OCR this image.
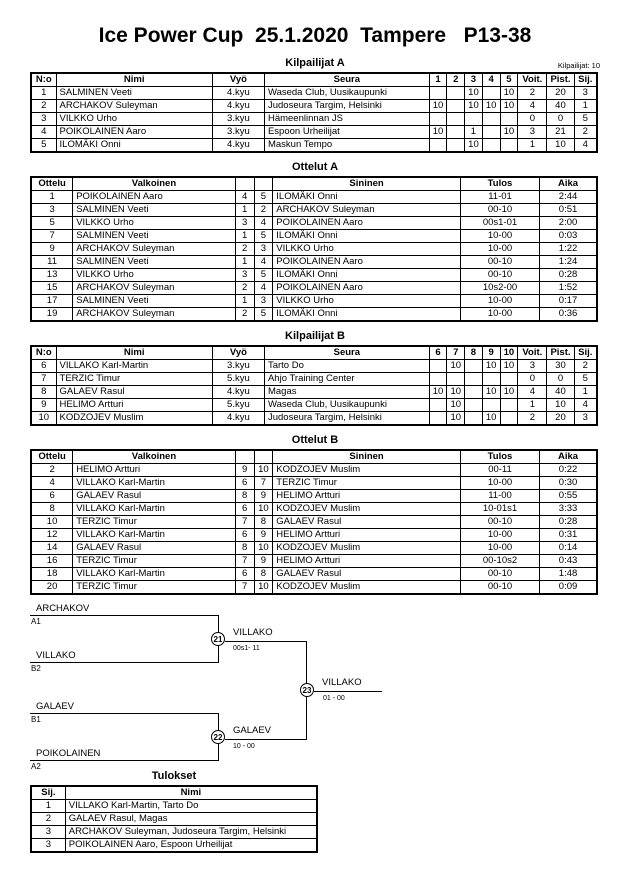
Ice Power Cup  25.1.2020  Tampere   P13-38
Kilpailijat A	Kilpailijat: 10
N:o	Nimi	Vyö	Seura	1	2	3	4	5	Voit.	Pist.	Sij.
1	SALMINEN Veeti	4.kyu	Waseda Club, Uusikaupunki			10		10	2	20	3
2	ARCHAKOV Suleyman	4.kyu	Judoseura Targim, Helsinki	10		10	10	10	4	40	1
3	VILKKO Urho	3.kyu	Hämeenlinnan JS						0	0	5
4	POIKOLAINEN Aaro	3.kyu	Espoon Urheilijat	10		1		10	3	21	2
5	ILOMÄKI Onni	4.kyu	Maskun Tempo			10			1	10	4
Ottelut A
Ottelu	Valkoinen			Sininen	Tulos	Aika
1	POIKOLAINEN Aaro	4	5	ILOMÄKI Onni	11-01	2:44
3	SALMINEN Veeti	1	2	ARCHAKOV Suleyman	00-10	0:51
5	VILKKO Urho	3	4	POIKOLAINEN Aaro	00s1-01	2:00
7	SALMINEN Veeti	1	5	ILOMÄKI Onni	10-00	0:03
9	ARCHAKOV Suleyman	2	3	VILKKO Urho	10-00	1:22
11	SALMINEN Veeti	1	4	POIKOLAINEN Aaro	00-10	1:24
13	VILKKO Urho	3	5	ILOMÄKI Onni	00-10	0:28
15	ARCHAKOV Suleyman	2	4	POIKOLAINEN Aaro	10s2-00	1:52
17	SALMINEN Veeti	1	3	VILKKO Urho	10-00	0:17
19	ARCHAKOV Suleyman	2	5	ILOMÄKI Onni	10-00	0:36
Kilpailijat B
N:o	Nimi	Vyö	Seura	6	7	8	9	10	Voit.	Pist.	Sij.
6	VILLAKO Karl-Martin	3.kyu	Tarto Do		10		10	10	3	30	2
7	TERZIC Timur	5.kyu	Ahjo Training Center						0	0	5
8	GALAEV Rasul	4.kyu	Magas	10	10		10	10	4	40	1
9	HELIMO Artturi	5.kyu	Waseda Club, Uusikaupunki		10				1	10	4
10	KODZOJEV Muslim	4.kyu	Judoseura Targim, Helsinki		10		10		2	20	3
Ottelut B
Ottelu	Valkoinen			Sininen	Tulos	Aika
2	HELIMO Artturi	9	10	KODZOJEV Muslim	00-11	0:22
4	VILLAKO Karl-Martin	6	7	TERZIC Timur	10-00	0:30
6	GALAEV Rasul	8	9	HELIMO Artturi	11-00	0:55
8	VILLAKO Karl-Martin	6	10	KODZOJEV Muslim	10-01s1	3:33
10	TERZIC Timur	7	8	GALAEV Rasul	00-10	0:28
12	VILLAKO Karl-Martin	6	9	HELIMO Artturi	10-00	0:31
14	GALAEV Rasul	8	10	KODZOJEV Muslim	10-00	0:14
16	TERZIC Timur	7	9	HELIMO Artturi	00-10s2	0:43
18	VILLAKO Karl-Martin	6	8	GALAEV Rasul	00-10	1:48
20	TERZIC Timur	7	10	KODZOJEV Muslim	00-10	0:09
ARCHAKOV
A1
VILLAKO
B2
21
VILLAKO
00s1- 11
GALAEV
B1
POIKOLAINEN
A2
22
GALAEV
10 - 00
23
VILLAKO
01 - 00
Tulokset
Sij.	Nimi
1	VILLAKO Karl-Martin, Tarto Do
2	GALAEV Rasul, Magas
3	ARCHAKOV Suleyman, Judoseura Targim, Helsinki
3	POIKOLAINEN Aaro, Espoon Urheilijat
